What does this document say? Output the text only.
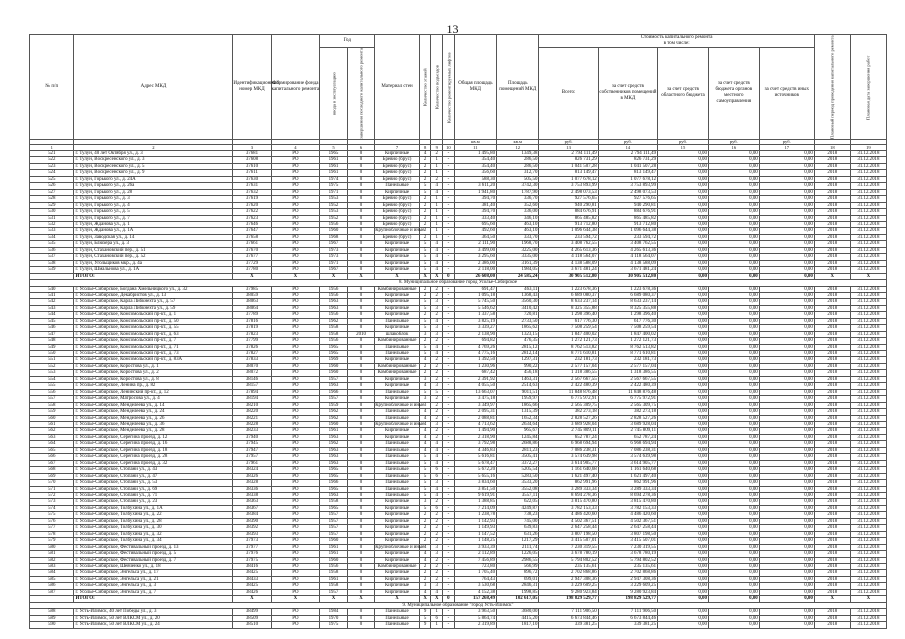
13
№ п/п	Адрес МКД	Идентификационный номер МКД	Формирование фонда капитального ремонта	Год		Материал стен	Количество этажей	Количество подъездов	Количество ремонтируемых лифтов	Общая площадь МКД	Площадь помещений МКД	Стоимость капитального ремонта
в том числе:					Плановый период проведения капитального ремонта	Плановая дата завершения работ
				ввода в эксплуатацию	завершения последнего капитального ремонта							Всего:	за счет средств собственников помещений в МКД	за счет средств областного бюджета	за счет средств бюджета органов местного самоуправления	за счет средств иных источников		
										кв.м	кв.м	руб.	руб.	руб.	руб.	руб.		
1	2	3	4	5	6	7	8	9	10	11	12	13	14	15	16	17	18	19
521	г. Тулун, 40 лет Октября ул., д. 3	37681	РО	1965	0	Кирпичные	4	2	-	1 495,80	1349,38	2 794 111,49	2 794 111,49	0,00	0,00	0,00	2018	31.12.2018
522	г. Тулун, Воскресенского ул., д. 3	37608	РО	1961	0	Бревно (брус)	2	1	-	354,40	286,50	826 731,29	826 731,29	0,00	0,00	0,00	2018	31.12.2018
523	г. Тулун, Воскресенского ул., д. 5	37610	РО	1961	0	Бревно (брус)	2	1	-	354,40	286,50	1 041 507,28	1 041 507,28	0,00	0,00	0,00	2018	31.12.2018
524	г. Тулун, Воскресенского ул., д. 9	37611	РО	1961	0	Бревно (брус)	2	1	-	356,60	312,70	813 149,47	813 149,47	0,00	0,00	0,00	2018	31.12.2018
525	г. Тулун, Горького ул., д. 24А	37630	РО	1974	0	Бревно (брус)	2	2	-	588,30	505,50	1 077 678,12	1 077 678,12	0,00	0,00	0,00	2018	31.12.2018
526	г. Тулун, Горького ул., д. 26а	37631	РО	1975	0	Панельные	5	4	-	3 611,20	3742,30	3 753 893,99	3 753 893,99	0,00	0,00	0,00	2018	31.12.2018
527	г. Тулун, Горького ул., д. 28	37632	РО	1971	0	Кирпичные	5	4	-	1 941,80	1787,90	2 498 073,53	2 498 073,53	0,00	0,00	0,00	2018	31.12.2018
528	г. Тулун, Горького ул., д. 3	37619	РО	1953	0	Бревно (брус)	2	1	-	394,70	336,70	927 576,65	927 576,65	0,00	0,00	0,00	2018	31.12.2018
529	г. Тулун, Горького ул., д. 4	37620	РО	1952	0	Бревно (брус)	2	1	-	381,40	352,60	940 290,81	940 290,81	0,00	0,00	0,00	2018	31.12.2018
530	г. Тулун, Горького ул., д. 5	37622	РО	1953	0	Бревно (брус)	2	1	-	394,70	336,00	884 676,91	884 676,91	0,00	0,00	0,00	2018	31.12.2018
531	г. Тулун, Горького ул., д. 7	37623	РО	1952	0	Бревно (брус)	2	1	-	333,40	346,10	865 485,82	865 485,82	0,00	0,00	0,00	2018	31.12.2018
532	г. Тулун, Жданова ул., д. 1	37646	РО	1956	0	Бревно (брус)	2	1	-	695,60	463,10	913 712,80	913 712,80	0,00	0,00	0,00	2018	31.12.2018
533	г. Тулун, Жданова ул., д. 1А	37647	РО	1960	0	Крупноблочные и иные	2	1	-	492,60	463,10	1 096 644,38	1 096 644,38	0,00	0,00	0,00	2018	31.12.2018
534	г. Тулун, Заводская ул., д. 14	37658	РО	1968	0	Бревно (брус)	2	1	-	364,50	333,70	233 594,72	233 594,72	0,00	0,00	0,00	2018	31.12.2018
535	г. Тулун, Блюхера ул., д. 3	37661	РО	1967	0	Кирпичные	5	4	-	2 111,90	1968,70	3 408 762,55	3 408 762,55	0,00	0,00	0,00	2018	31.12.2018
536	г. Тулун, Стахановский пер., д. 51	37670	РО	1973	0	Кирпичные	5	4	-	3 499,00	3225,00	4 265 613,36	4 265 613,36	0,00	0,00	0,00	2018	31.12.2018
537	г. Тулун, Стахановский пер., д. 52	37677	РО	1973	0	Кирпичные	5	4	-	3 295,60	3335,00	4 118 564,07	4 118 564,07	0,00	0,00	0,00	2018	31.12.2018
538	г. Тулун, Угольщиков мкр., д. 4а	37729	РО	1971	0	Кирпичные	5	4	-	2 386,00	3161,39	4 138 588,09	4 138 588,09	0,00	0,00	0,00	2018	31.12.2018
539	г. Тулун, Шмальнова ул., д. 1А	37780	РО	1967	0	Кирпичные	5	4	-	2 118,00	1984,05	3 671 481,24	3 671 481,24	0,00	0,00	0,00	2018	31.12.2018
	ИТОГО:	X	X	X	X	X	X	X	0	26 608,00	24 585,24	30 905 512,80	30 905 512,80	0,00	0,00	0,00	X	X
8. Муниципальное образование город Усолье-Сибирское																		
540	г. Усолье-Сибирское, Богдана Хмельницкого ул., д. 32	37985	РО	1956	0	Комбинированные	2	2	-	691,47	463,11	1 223 678,36	1 223 678,36	0,00	0,00	0,00	2018	31.12.2018
541	г. Усолье-Сибирское, Декабристов ул., д. 13	38059	РО	1956	0	Кирпичные	2	2	-	1 095,18	1368,43	6 689 080,37	6 689 080,37	0,00	0,00	0,00	2018	31.12.2018
542	г. Усолье-Сибирское, Карла Либкнехта ул., д. 57	38063	РО	1963	0	Кирпичные	5	3	-	5 745,50	3560,30	8 633 237,14	8 633 237,14	0,00	0,00	0,00	2018	31.12.2018
543	г. Усолье-Сибирское, Карла Либкнехта ул., д. 59	38064	РО	1963	0	Кирпичные	5	3	-	5 546,62	3410,42	8 325 355,88	8 325 355,88	0,00	0,00	0,00	2018	31.12.2018
544	г. Усолье-Сибирское, Комсомольский пр-кт., д. 1	37789	РО	1956	0	Кирпичные	2	2	-	1 337,58	720,81	1 298 396,40	1 298 396,40	0,00	0,00	0,00	2018	31.12.2018
545	г. Усолье-Сибирское, Комсомольский пр-кт., д. 50	37816	РО	1962	0	Панельные	5	4	-	3 825,19	2733,50	617 776,30	617 776,30	0,00	0,00	0,00	2018	31.12.2018
546	г. Усолье-Сибирское, Комсомольский пр-кт., д. 55	37819	РО	1958	0	Кирпичные	5	3	-	3 339,27	1865,62	7 508 259,54	7 508 259,54	0,00	0,00	0,00	2018	31.12.2018
547	г. Усолье-Сибирское, Комсомольский пр-кт., д. 63	37823	РО	1958	2010	шлакоблок	3	3	-	2 138,90	1323,15	1 847 400,02	1 847 400,02	0,00	0,00	0,00	2018	31.12.2018
548	г. Усолье-Сибирское, Комсомольский пр-кт., д. 7	37799	РО	1956	0	Комбинированные	2	2	-	694,82	476,35	1 272 121,73	1 272 121,73	0,00	0,00	0,00	2018	31.12.2018
549	г. Усолье-Сибирское, Комсомольский пр-кт., д. 71	37826	РО	1965	0	Панельные	5	4	-	4 769,26	2815,12	8 762 513,82	8 762 513,82	0,00	0,00	0,00	2018	31.12.2018
550	г. Усолье-Сибирское, Комсомольский пр-кт., д. 73	37827	РО	1965	0	Панельные	5	4	-	4 775,16	2812,14	8 771 610,81	8 771 610,81	0,00	0,00	0,00	2018	31.12.2018
551	г. Усолье-Сибирское, Комсомольский пр-кт., д. 83А	37833	РО	1969	0	Кирпичные	4	2	-	1 392,50	1297,31	232 181,73	232 181,73	0,00	0,00	0,00	2018	31.12.2018
552	г. Усолье-Сибирское, Коростова ул., д. 1	38070	РО	1960	0	Комбинированные	2	2	-	1 230,96	990,22	2 577 157,04	2 577 157,04	0,00	0,00	0,00	2018	31.12.2018
553	г. Усолье-Сибирское, Коростова ул., д. 2	38072	РО	1960	0	Комбинированные	2	2	-	687,42	456,18	1 318 386,55	1 318 386,55	0,00	0,00	0,00	2018	31.12.2018
554	г. Усолье-Сибирское, Коростова ул., д. 8	38146	РО	1957	0	Кирпичные	3	2	-	2 391,92	1463,31	2 567 667,55	2 567 667,55	0,00	0,00	0,00	2018	31.12.2018
555	г. Усолье-Сибирское, Ленина пр., д. 82	38157	РО	1963	0	Кирпичные	4	3	-	4 055,50	2514,63	2 422 480,39	2 422 480,39	0,00	0,00	0,00	2018	31.12.2018
556	г. Усолье-Сибирское, Ленинский пр-кт., д. 12	37894	РО	1966	0	Панельные	5	5	-	13 663,07	9011,51	11 848 876,48	11 848 876,48	0,00	0,00	0,00	2018	31.12.2018
557	г. Усолье-Сибирское, Матросова ул., д. 4	38194	РО	1957	0	Кирпичные	3	2	-	3 475,18	1959,97	6 775 972,91	6 775 972,91	0,00	0,00	0,00	2018	31.12.2018
558	г. Усолье-Сибирское, Менделеева ул., д. 14	38210	РО	1959	0	Крупноблочные и иные	3	2	-	3 349,97	1865,66	2 565 309,75	2 565 309,75	0,00	0,00	0,00	2018	31.12.2018
559	г. Усолье-Сибирское, Менделеева ул., д. 24	38220	РО	1962	0	Панельные	4	2	-	2 095,31	1315,39	382 273,18	382 273,18	0,00	0,00	0,00	2018	31.12.2018
560	г. Усолье-Сибирское, Менделеева ул., д. 26	38221	РО	1962	0	Панельные	4	2	-	2 088,81	1652,34	2 828 527,26	2 828 527,26	0,00	0,00	0,00	2018	31.12.2018
561	г. Усолье-Сибирское, Менделеева ул., д. 36	38228	РО	1960	0	Крупноблочные и иные	4	3	-	4 713,62	2634,64	3 689 928,04	3 689 928,04	0,00	0,00	0,00	2018	31.12.2018
562	г. Усолье-Сибирское, Менделеева ул., д. 28	38233	РО	1961	0	Кирпичные	4	2	-	1 494,90	965,67	2 745 809,11	2 745 809,11	0,00	0,00	0,00	2018	31.12.2018
563	г. Усолье-Сибирское, Серегина проезд, д. 12	37940	РО	1963	0	Кирпичные	4	2	-	2 318,90	1245,84	652 787,24	652 787,24	0,00	0,00	0,00	2018	31.12.2018
564	г. Усолье-Сибирское, Серегина проезд, д. 16	37945	РО	1962	0	Панельные	4	4	-	3 792,98	2688,86	6 968 694,94	6 968 694,94	0,00	0,00	0,00	2018	31.12.2018
565	г. Усолье-Сибирское, Серегина проезд, д. 18	37947	РО	1963	0	Панельные	4	4	-	4 346,83	2811,23	7 086 238,31	7 086 238,31	0,00	0,00	0,00	2018	31.12.2018
566	г. Усолье-Сибирское, Серегина проезд, д. 28	37957	РО	1963	0	Панельные	5	4	-	5 616,81	3505,41	3 574 639,98	3 574 639,98	0,00	0,00	0,00	2018	31.12.2018
567	г. Усолье-Сибирское, Серегина проезд, д. 32	37961	РО	1963	0	Панельные	5	4	-	5 678,47	3372,27	3 614 905,77	3 614 905,77	0,00	0,00	0,00	2018	31.12.2018
568	г. Усолье-Сибирское, Стопани ул., д. 43	38324	РО	1965	0	Панельные	5	6	-	5 672,20	5205,54	1 161 640,68	1 161 640,68	0,00	0,00	0,00	2018	31.12.2018
569	г. Усолье-Сибирское, Стопани ул., д. 47	38326	РО	1965	0	Панельные	5	6	-	5 655,16	5283,50	1 621 497,40	1 621 497,40	0,00	0,00	0,00	2018	31.12.2018
570	г. Усолье-Сибирское, Стопани ул., д. 53	38328	РО	1966	0	Панельные	5	3	-	3 834,60	3533,20	862 991,96	862 991,96	0,00	0,00	0,00	2018	31.12.2018
571	г. Усолье-Сибирское, Стопани ул., д. 69	38336	РО	1965	0	Панельные	5	4	-	3 851,50	3552,08	3 289 333,34	3 289 333,34	0,00	0,00	0,00	2018	31.12.2018
572	г. Усолье-Сибирское, Стопани ул., д. 71	38338	РО	1963	0	Панельные	5	4	-	9 619,91	3557,11	8 694 278,36	8 694 278,36	0,00	0,00	0,00	2018	31.12.2018
573	г. Усолье-Сибирское, Стопани ул., д. 23	38363	РО	1958	0	Кирпичные	3	2	-	1 388,85	622,05	3 815 470,80	3 815 470,80	0,00	0,00	0,00	2018	31.12.2018
574	г. Усолье-Сибирское, Толбухина ул., д. 1А	38367	РО	1965	0	Кирпичные	5	6	-	7 214,09	4249,87	3 782 153,33	3 782 153,33	0,00	0,00	0,00	2018	31.12.2018
575	г. Усолье-Сибирское, Толбухина ул., д. 22	38384	РО	1957	0	Кирпичные	2	2	-	1 238,78	738,23	4 486 420,60	4 486 420,60	0,00	0,00	0,00	2018	31.12.2018
576	г. Усолье-Сибирское, Толбухина ул., д. 28	38390	РО	1957	0	Кирпичные	2	2	-	1 142,93	745,00	4 502 367,51	4 502 367,51	0,00	0,00	0,00	2018	31.12.2018
577	г. Усолье-Сибирское, Толбухина ул., д. 30	38392	РО	1957	0	Кирпичные	2	2	-	1 149,93	639,83	2 647 258,44	2 647 258,44	0,00	0,00	0,00	2018	31.12.2018
578	г. Усолье-Сибирское, Толбухина ул., д. 32	38393	РО	1957	0	Кирпичные	2	2	-	1 147,52	631,26	3 807 198,50	3 807 198,50	0,00	0,00	0,00	2018	31.12.2018
579	г. Усолье-Сибирское, Толбухина ул., д. 34	37973	РО	1960	0	Кирпичные	2	2	-	1 148,25	1217,29	3 415 507,01	3 415 507,01	0,00	0,00	0,00	2018	31.12.2018
580	г. Усолье-Сибирское, Фестивальный проезд, д. 13	37977	РО	1961	0	Крупноблочные и иные	4	3	-	3 933,39	2111,74	7 230 319,55	7 230 319,55	0,00	0,00	0,00	2018	31.12.2018
581	г. Усолье-Сибирское, Фестивальный проезд, д. 5	37976	РО	1961	0	Кирпичные	4	3	-	2 112,89	1226,05	3 678 780,19	3 678 780,19	0,00	0,00	0,00	2018	31.12.2018
582	г. Усолье-Сибирское, Фестивальный проезд, д. 7	37975	РО	1960	0	Кирпичные	4	2	-	7 456,89	2986,55	5 794 802,52	5 794 802,52	0,00	0,00	0,00	2018	31.12.2018
583	г. Усолье-Сибирское, Шевченко ул., д. 18	38416	РО	1956	0	Комбинированные	2	2	-	723,80	566,99	235 135,61	235 135,61	0,00	0,00	0,00	2018	31.12.2018
584	г. Усолье-Сибирское, Энгельса ул., д. 17	38425	РО	1958	0	Кирпичные	2	2	-	1 705,40	896,72	2 702 868,86	2 702 868,86	0,00	0,00	0,00	2018	31.12.2018
585	г. Усолье-Сибирское, Энгельса ул., д. 21	38433	РО	1961	0	Кирпичные	2	2	-	764,43	699,01	2 947 308,36	2 947 308,36	0,00	0,00	0,00	2018	31.12.2018
586	г. Усолье-Сибирское, Энгельса ул., д. 3	38425	РО	1958	0	Кирпичные	3	3	-	3 530,68	2846,31	3 229 609,25	3 229 609,25	0,00	0,00	0,00	2018	31.12.2018
587	г. Усолье-Сибирское, Энгельса ул., д. 7	38426	РО	1957	0	Кирпичные	4	4	-	4 152,38	1998,85	9 280 923,84	9 280 923,84	0,00	0,00	0,00	2018	31.12.2018
	ИТОГО:	X	X	X	X	X	X	X	0	157 268,49	102 617,05	198 829 529,77	198 829 529,77	0,00	0,00	0,00	X	X
9. Муниципальное образование "город Усть-Илимск"																		
588	г. Усть-Илимск, 40 лет Победы ул., д. 3	38499	РО	1984	0	Панельные	9	1	-	3 963,50	3680,00	7 111 906,50	7 111 906,50	0,00	0,00	0,00	2018	31.12.2018
589	г. Усть-Илимск, 50 лет ВЛКСМ ул., д. 20	38509	РО	1970	0	Панельные	5	6	-	5 864,74	4415,20	6 673 844,46	6 673 844,46	0,00	0,00	0,00	2018	31.12.2018
590	г. Усть-Илимск, 50 лет ВЛКСМ ул., д. 24	38510	РО	1975	0	Панельные	9	1	-	2 319,89	1817,10	339 381,25	339 381,25	0,00	0,00	0,00	2018	31.12.2018
